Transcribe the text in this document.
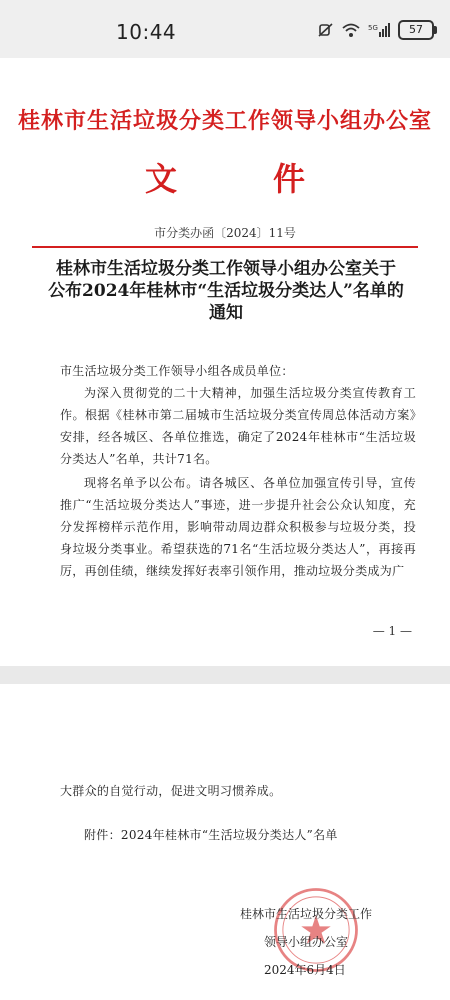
10:44	5G	57
桂林市生活垃圾分类工作领导小组办公室
文件
市分类办函〔2024〕11号
桂林市生活垃圾分类工作领导小组办公室关于
公布2024年桂林市“生活垃圾分类达人”名单的
通知
市生活垃圾分类工作领导小组各成员单位：
为深入贯彻党的二十大精神，加强生活垃圾分类宣传教育工作。根据《桂林市第二届城市生活垃圾分类宣传周总体活动方案》安排，经各城区、各单位推选，确定了2024年桂林市“生活垃圾分类达人”名单，共计71名。
现将名单予以公布。请各城区、各单位加强宣传引导，宣传推广“生活垃圾分类达人”事迹，进一步提升社会公众认知度，充分发挥榜样示范作用，影响带动周边群众积极参与垃圾分类，投身垃圾分类事业。希望获选的71名“生活垃圾分类达人”，再接再厉，再创佳绩，继续发挥好表率引领作用，推动垃圾分类成为广
— 1 —
大群众的自觉行动，促进文明习惯养成。
附件：2024年桂林市“生活垃圾分类达人”名单
桂林市生活垃圾分类工作
领导小组办公室
2024年6月4日
